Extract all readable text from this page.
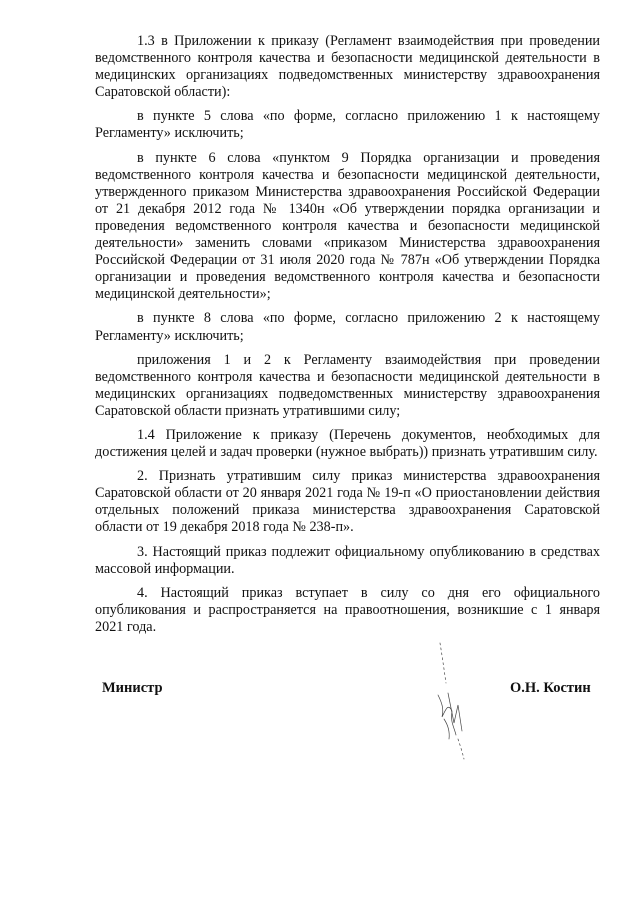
1.3 в Приложении к приказу (Регламент взаимодействия при проведении ведомственного контроля качества и безопасности медицинской деятельности в медицинских организациях подведомственных министерству здравоохранения Саратовской области):

в пункте 5 слова «по форме, согласно приложению 1 к настоящему Регламенту» исключить;

в пункте 6 слова «пунктом 9 Порядка организации и проведения ведомственного контроля качества и безопасности медицинской деятельности, утвержденного приказом Министерства здравоохранения Российской Федерации от 21 декабря 2012 года № 1340н «Об утверждении порядка организации и проведения ведомственного контроля качества и безопасности медицинской деятельности» заменить словами «приказом Министерства здравоохранения Российской Федерации от 31 июля 2020 года № 787н «Об утверждении Порядка организации и проведения ведомственного контроля качества и безопасности медицинской деятельности»;

в пункте 8 слова «по форме, согласно приложению 2 к настоящему Регламенту» исключить;

приложения 1 и 2 к Регламенту взаимодействия при проведении ведомственного контроля качества и безопасности медицинской деятельности в медицинских организациях подведомственных министерству здравоохранения Саратовской области признать утратившими силу;

1.4 Приложение к приказу (Перечень документов, необходимых для достижения целей и задач проверки (нужное выбрать)) признать утратившим силу.

2. Признать утратившим силу приказ министерства здравоохранения Саратовской области от 20 января 2021 года № 19-п «О приостановлении действия отдельных положений приказа министерства здравоохранения Саратовской области от 19 декабря 2018 года № 238-п».

3. Настоящий приказ подлежит официальному опубликованию в средствах массовой информации.

4. Настоящий приказ вступает в силу со дня его официального опубликования и распространяется на правоотношения, возникшие с 1 января 2021 года.

Министр	О.Н. Костин
